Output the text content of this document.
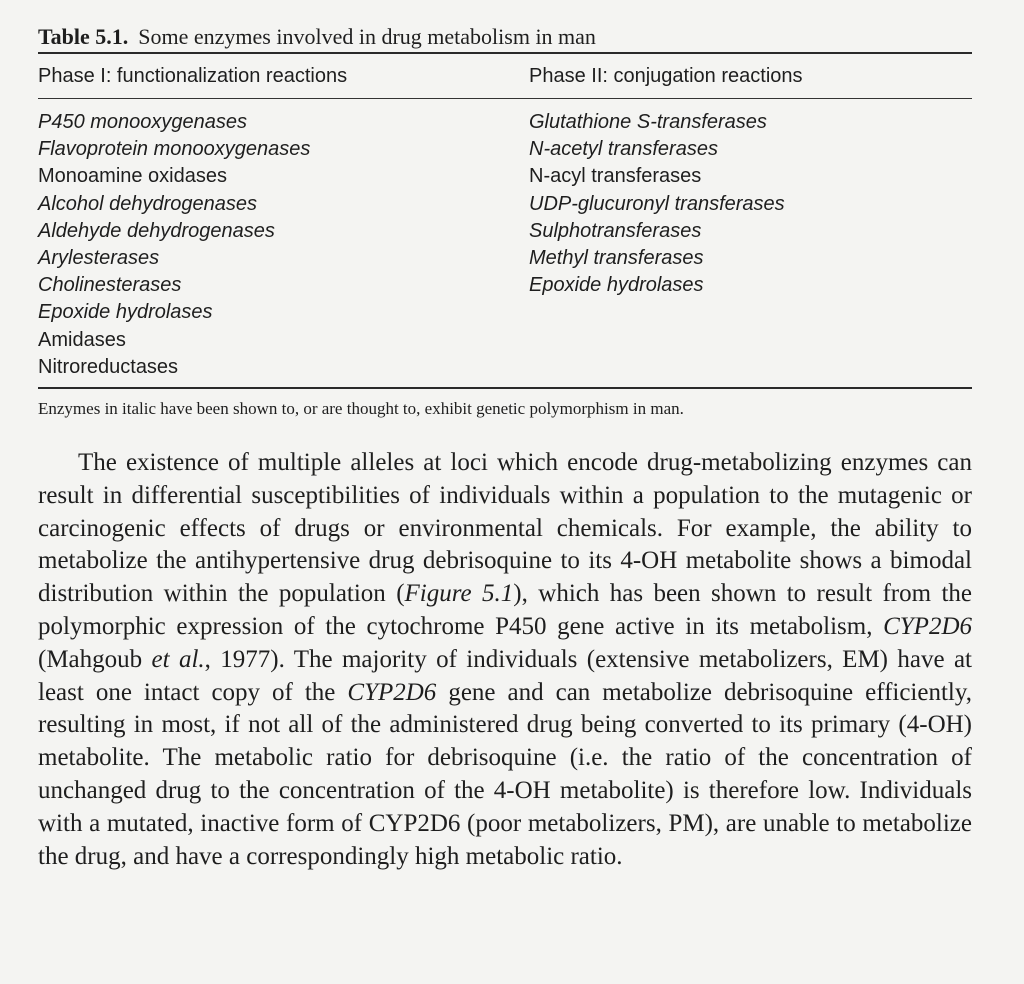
Table 5.1. Some enzymes involved in drug metabolism in man
Phase I: functionalization reactions	Phase II: conjugation reactions
P450 monooxygenases
Flavoprotein monooxygenases
Monoamine oxidases
Alcohol dehydrogenases
Aldehyde dehydrogenases
Arylesterases
Cholinesterases
Epoxide hydrolases
Amidases
Nitroreductases
Glutathione S-transferases
N-acetyl transferases
N-acyl transferases
UDP-glucuronyl transferases
Sulphotransferases
Methyl transferases
Epoxide hydrolases
Enzymes in italic have been shown to, or are thought to, exhibit genetic polymorphism in man.
The existence of multiple alleles at loci which encode drug-metabolizing enzymes can result in differential susceptibilities of individuals within a population to the mutagenic or carcinogenic effects of drugs or environmental chemicals. For example, the ability to metabolize the antihypertensive drug debrisoquine to its 4-OH metabolite shows a bimodal distribution within the population (Figure 5.1), which has been shown to result from the polymorphic expression of the cytochrome P450 gene active in its metabolism, CYP2D6 (Mahgoub et al., 1977). The majority of individuals (extensive metabolizers, EM) have at least one intact copy of the CYP2D6 gene and can metabolize debrisoquine efficiently, resulting in most, if not all of the administered drug being converted to its primary (4-OH) metabolite. The metabolic ratio for debrisoquine (i.e. the ratio of the concentration of unchanged drug to the concentration of the 4-OH metabolite) is therefore low. Individuals with a mutated, inactive form of CYP2D6 (poor metabolizers, PM), are unable to metabolize the drug, and have a correspondingly high metabolic ratio.
